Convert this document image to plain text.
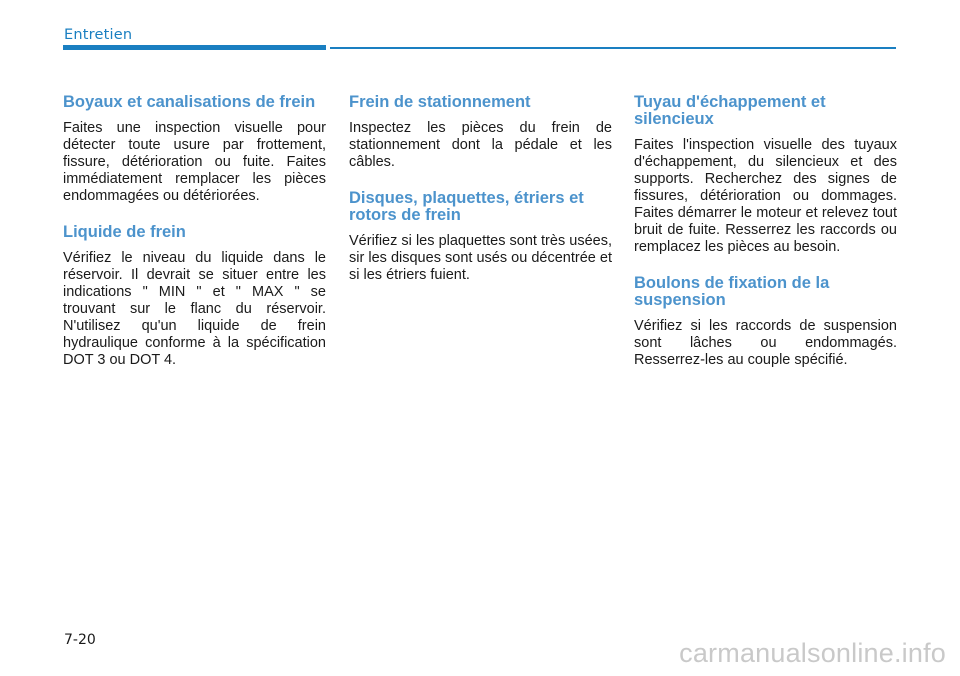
Entretien
Boyaux et canalisations de frein

Faites une inspection visuelle pour détecter toute usure par frottement, fissure, détérioration ou fuite. Faites immédiatement remplacer les pièces endommagées ou détériorées.

Liquide de frein

Vérifiez le niveau du liquide dans le réservoir. Il devrait se situer entre les indications " MIN " et " MAX " se trouvant sur le flanc du réservoir. N'utilisez qu'un liquide de frein hydraulique conforme à la spécification DOT 3 ou DOT 4.

Frein de stationnement

Inspectez les pièces du frein de stationnement dont la pédale et les câbles.

Disques, plaquettes, étriers et rotors de frein

Vérifiez si les plaquettes sont très usées, sir les disques sont usés ou décentrée et si les étriers fuient.

Tuyau d'échappement et silencieux

Faites l'inspection visuelle des tuyaux d'échappement, du silencieux et des supports. Recherchez des signes de fissures, détérioration ou dommages. Faites démarrer le moteur et relevez tout bruit de fuite. Resserrez les raccords ou remplacez les pièces au besoin.

Boulons de fixation de la suspension

Vérifiez si les raccords de suspension sont lâches ou endommagés. Resserrez-les au couple spécifié.

7-20	carmanualsonline.info
